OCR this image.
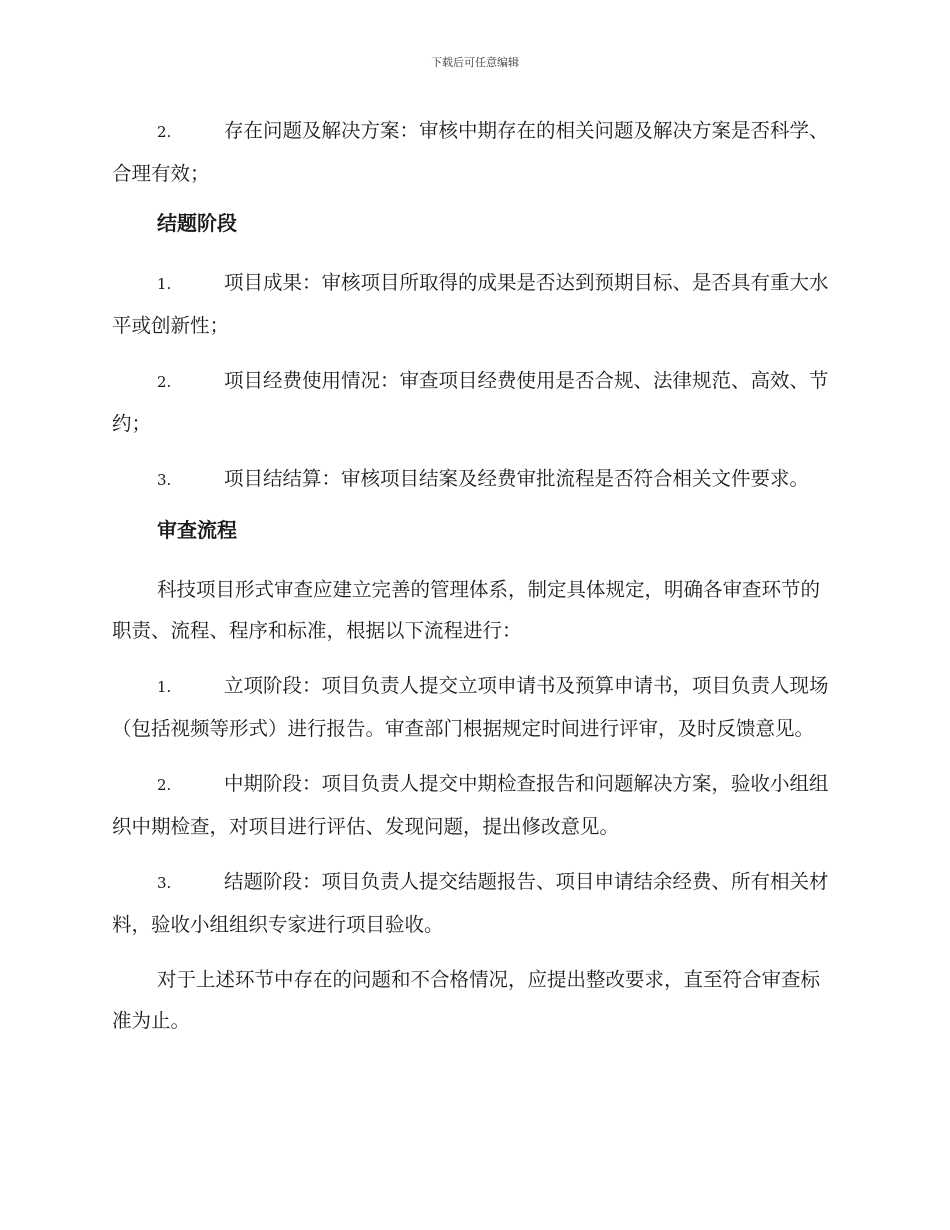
下载后可任意编辑

2.	存在问题及解决方案：审核中期存在的相关问题及解决方案是否科学、合理有效；

结题阶段

1.	项目成果：审核项目所取得的成果是否达到预期目标、是否具有重大水平或创新性；

2.	项目经费使用情况：审查项目经费使用是否合规、法律规范、高效、节约；

3.	项目结结算：审核项目结案及经费审批流程是否符合相关文件要求。

审查流程

科技项目形式审查应建立完善的管理体系，制定具体规定，明确各审查环节的职责、流程、程序和标准，根据以下流程进行：

1.	立项阶段：项目负责人提交立项申请书及预算申请书，项目负责人现场（包括视频等形式）进行报告。审查部门根据规定时间进行评审，及时反馈意见。

2.	中期阶段：项目负责人提交中期检查报告和问题解决方案，验收小组组织中期检查，对项目进行评估、发现问题，提出修改意见。

3.	结题阶段：项目负责人提交结题报告、项目申请结余经费、所有相关材料，验收小组组织专家进行项目验收。

对于上述环节中存在的问题和不合格情况，应提出整改要求，直至符合审查标准为止。
